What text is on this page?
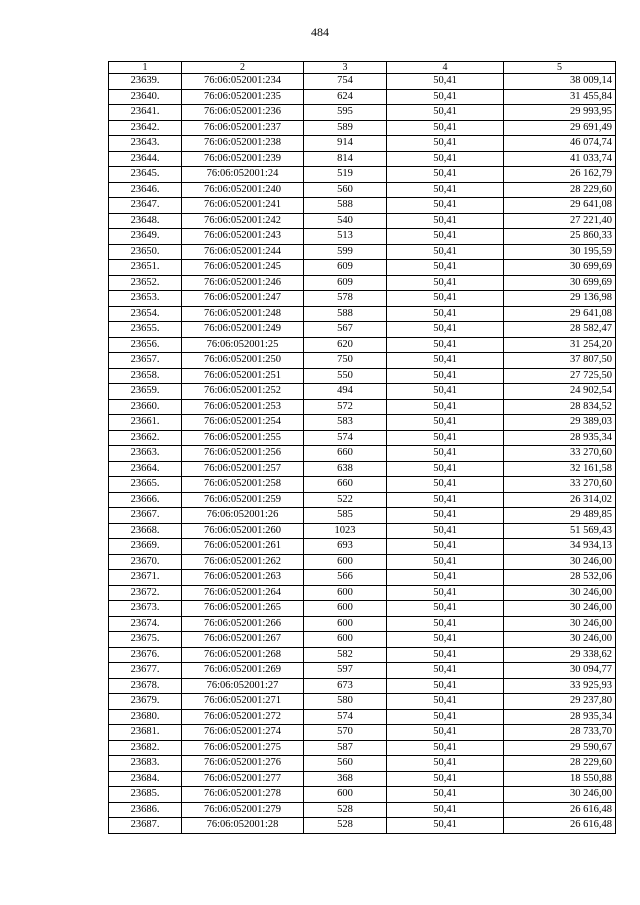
484
1	2	3	4	5
23639.	76:06:052001:234	754	50,41	38 009,14
23640.	76:06:052001:235	624	50,41	31 455,84
23641.	76:06:052001:236	595	50,41	29 993,95
23642.	76:06:052001:237	589	50,41	29 691,49
23643.	76:06:052001:238	914	50,41	46 074,74
23644.	76:06:052001:239	814	50,41	41 033,74
23645.	76:06:052001:24	519	50,41	26 162,79
23646.	76:06:052001:240	560	50,41	28 229,60
23647.	76:06:052001:241	588	50,41	29 641,08
23648.	76:06:052001:242	540	50,41	27 221,40
23649.	76:06:052001:243	513	50,41	25 860,33
23650.	76:06:052001:244	599	50,41	30 195,59
23651.	76:06:052001:245	609	50,41	30 699,69
23652.	76:06:052001:246	609	50,41	30 699,69
23653.	76:06:052001:247	578	50,41	29 136,98
23654.	76:06:052001:248	588	50,41	29 641,08
23655.	76:06:052001:249	567	50,41	28 582,47
23656.	76:06:052001:25	620	50,41	31 254,20
23657.	76:06:052001:250	750	50,41	37 807,50
23658.	76:06:052001:251	550	50,41	27 725,50
23659.	76:06:052001:252	494	50,41	24 902,54
23660.	76:06:052001:253	572	50,41	28 834,52
23661.	76:06:052001:254	583	50,41	29 389,03
23662.	76:06:052001:255	574	50,41	28 935,34
23663.	76:06:052001:256	660	50,41	33 270,60
23664.	76:06:052001:257	638	50,41	32 161,58
23665.	76:06:052001:258	660	50,41	33 270,60
23666.	76:06:052001:259	522	50,41	26 314,02
23667.	76:06:052001:26	585	50,41	29 489,85
23668.	76:06:052001:260	1023	50,41	51 569,43
23669.	76:06:052001:261	693	50,41	34 934,13
23670.	76:06:052001:262	600	50,41	30 246,00
23671.	76:06:052001:263	566	50,41	28 532,06
23672.	76:06:052001:264	600	50,41	30 246,00
23673.	76:06:052001:265	600	50,41	30 246,00
23674.	76:06:052001:266	600	50,41	30 246,00
23675.	76:06:052001:267	600	50,41	30 246,00
23676.	76:06:052001:268	582	50,41	29 338,62
23677.	76:06:052001:269	597	50,41	30 094,77
23678.	76:06:052001:27	673	50,41	33 925,93
23679.	76:06:052001:271	580	50,41	29 237,80
23680.	76:06:052001:272	574	50,41	28 935,34
23681.	76:06:052001:274	570	50,41	28 733,70
23682.	76:06:052001:275	587	50,41	29 590,67
23683.	76:06:052001:276	560	50,41	28 229,60
23684.	76:06:052001:277	368	50,41	18 550,88
23685.	76:06:052001:278	600	50,41	30 246,00
23686.	76:06:052001:279	528	50,41	26 616,48
23687.	76:06:052001:28	528	50,41	26 616,48
